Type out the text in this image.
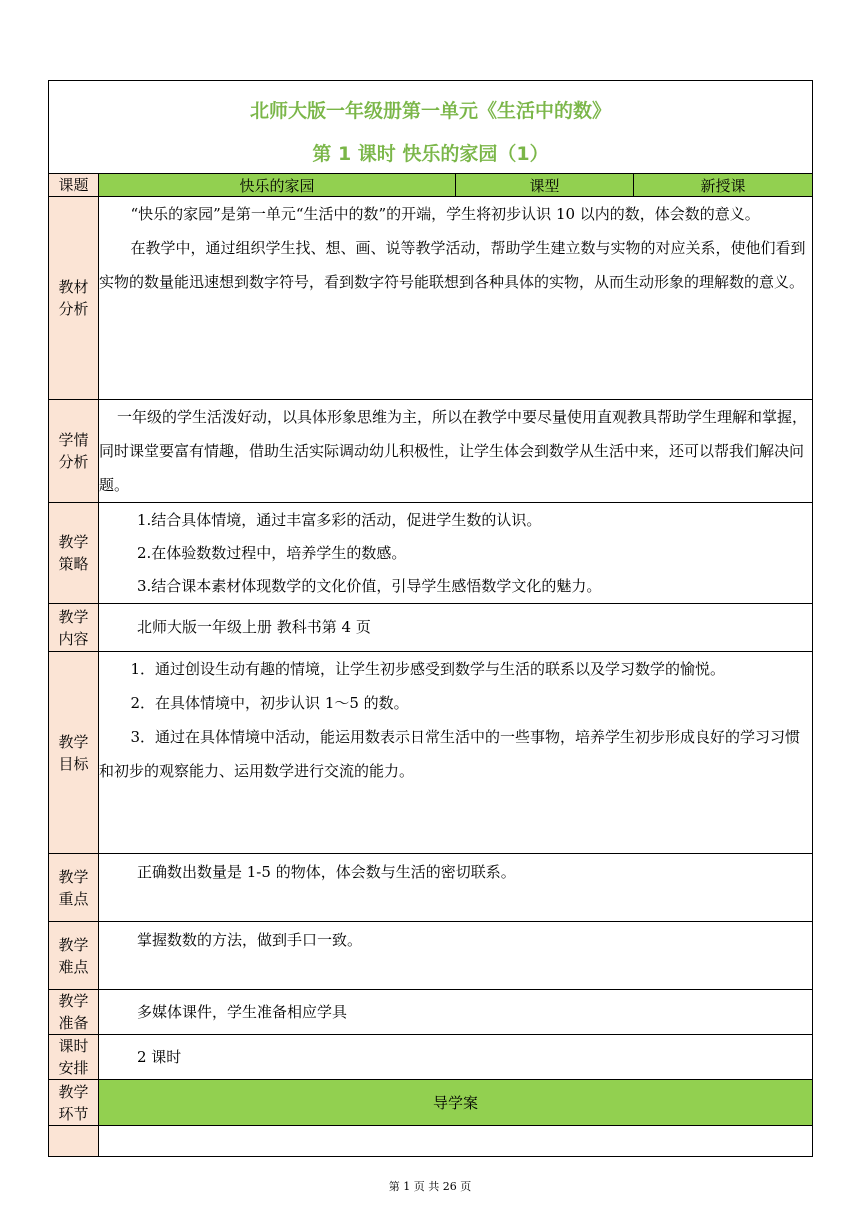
北师大版一年级册第一单元《生活中的数》
第 1 课时 快乐的家园（1）			

课题	快乐的家园	课型	新授课
教材分析	“快乐的家园”是第一单元“生活中的数”的开端，学生将初步认识 10 以内的数，体会数的意义。

在教学中，通过组织学生找、想、画、说等教学活动，帮助学生建立数与实物的对应关系，使他们看到实物的数量能迅速想到数字符号，看到数字符号能联想到各种具体的实物，从而生动形象的理解数的意义。		

学情分析	一年级的学生活泼好动，以具体形象思维为主，所以在教学中要尽量使用直观教具帮助学生理解和掌握，同时课堂要富有情趣，借助生活实际调动幼儿积极性，让学生体会到数学从生活中来，还可以帮我们解决问题。		

教学策略	1.结合具体情境，通过丰富多彩的活动，促进学生数的认识。

2.在体验数数过程中，培养学生的数感。

3.结合课本素材体现数学的文化价值，引导学生感悟数学文化的魅力。		

教学内容	北师大版一年级上册 教科书第 4 页		

教学目标	1．通过创设生动有趣的情境，让学生初步感受到数学与生活的联系以及学习数学的愉悦。

2．在具体情境中，初步认识 1～5 的数。

3．通过在具体情境中活动，能运用数表示日常生活中的一些事物，培养学生初步形成良好的学习习惯和初步的观察能力、运用数学进行交流的能力。		

教学重点	正确数出数量是 1-5 的物体，体会数与生活的密切联系。		

教学难点	掌握数数的方法，做到手口一致。		

教学准备	多媒体课件，学生准备相应学具		

课时安排	2 课时		

教学环节	导学案		

第 1 页 共 26 页
